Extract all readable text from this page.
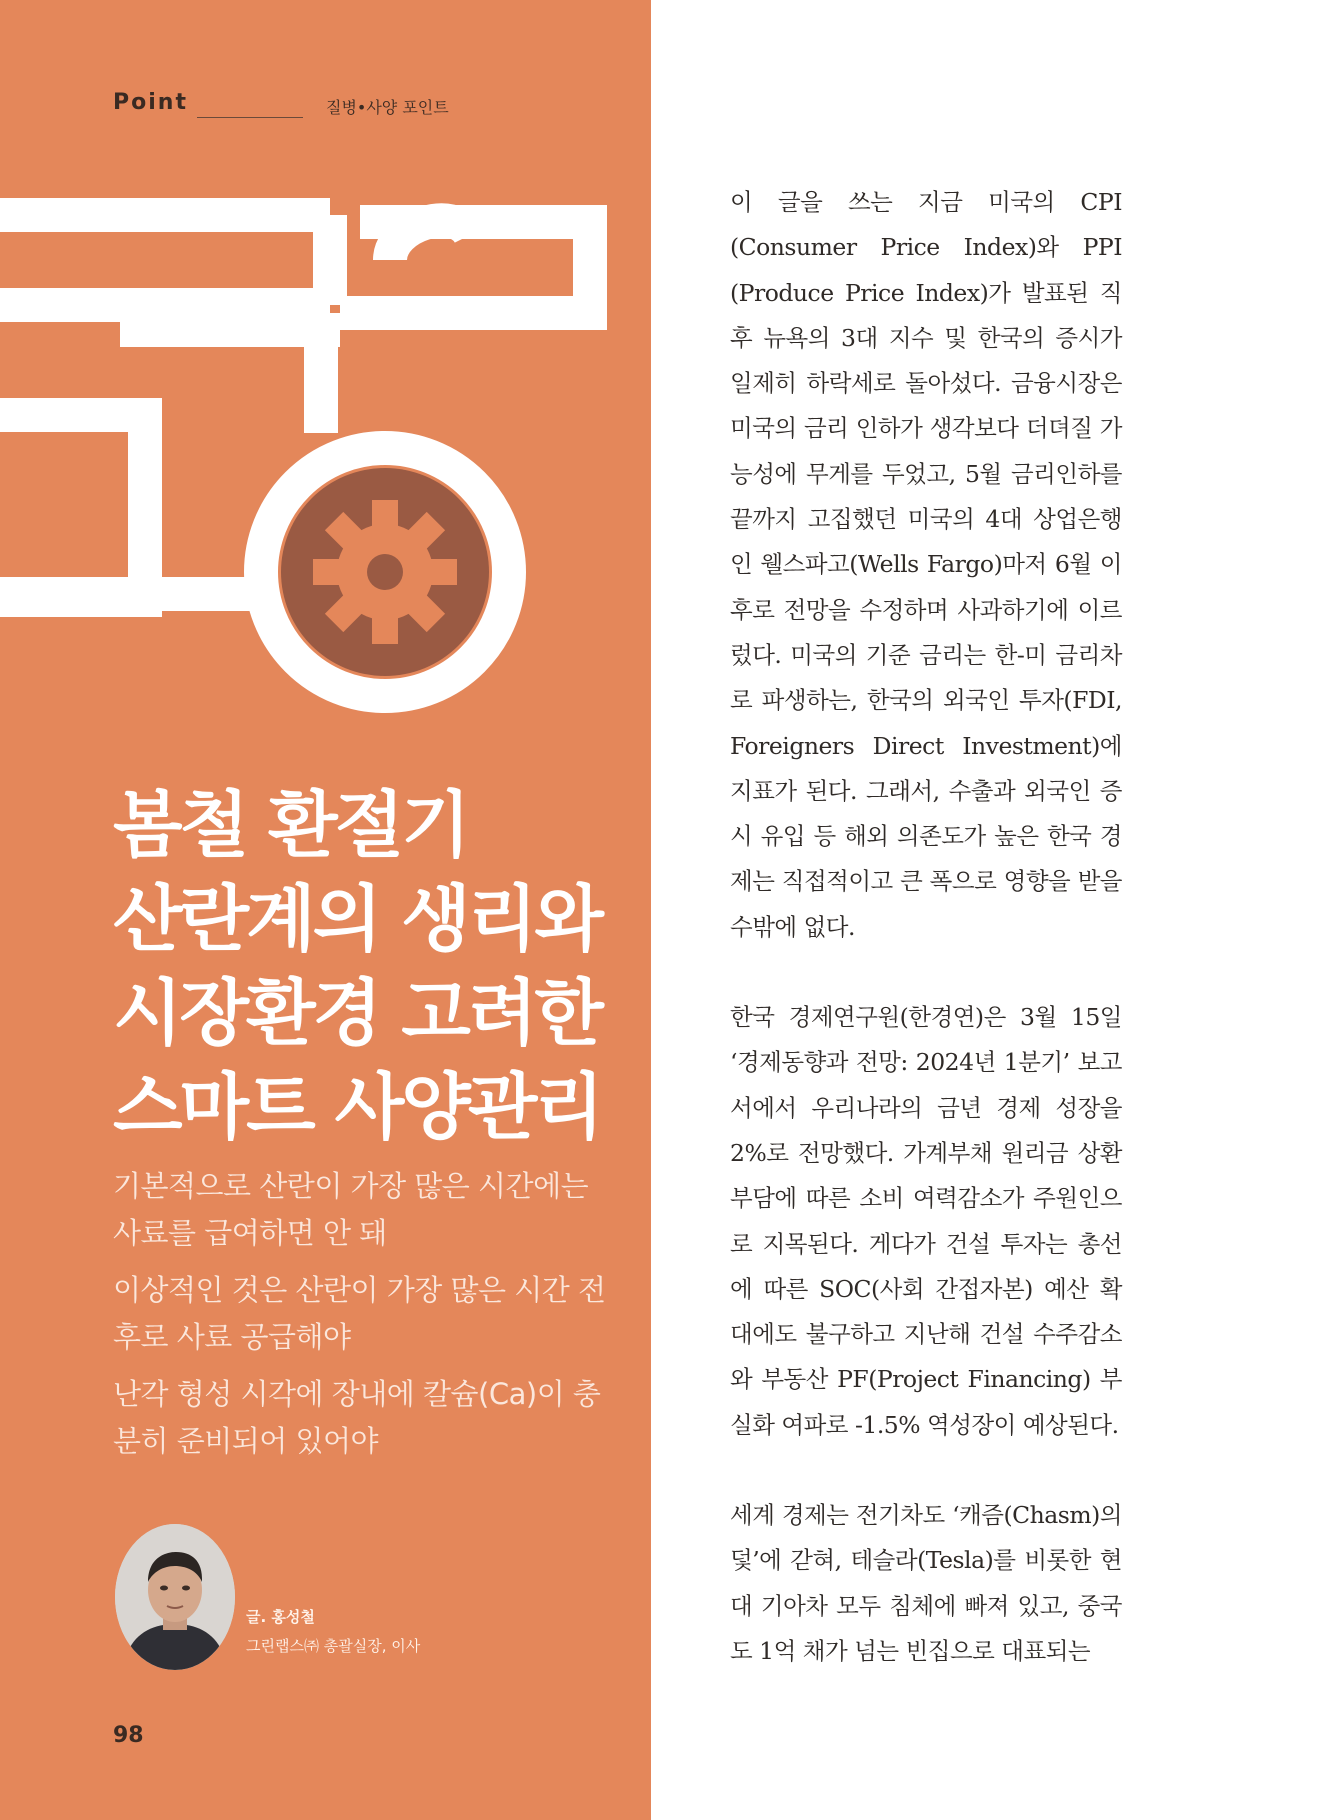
Point	질병•사양 포인트
봄철 환절기
산란계의 생리와
시장환경 고려한
스마트 사양관리

기본적으로 산란이 가장 많은 시간에는 사료를 급여하면 안 돼

이상적인 것은 산란이 가장 많은 시간 전후로 사료 공급해야

난각 형성 시각에 장내에 칼슘(Ca)이 충분히 준비되어 있어야

글. 홍성철
그린랩스㈜ 총괄실장, 이사
98

이 글을 쓰는 지금 미국의 CPI (Consumer Price Index)와 PPI (Produce Price Index)가 발표된 직후 뉴욕의 3대 지수 및 한국의 증시가 일제히 하락세로 돌아섰다. 금융시장은 미국의 금리 인하가 생각보다 더뎌질 가능성에 무게를 두었고, 5월 금리인하를 끝까지 고집했던 미국의 4대 상업은행인 웰스파고(Wells Fargo)마저 6월 이후로 전망을 수정하며 사과하기에 이르렀다. 미국의 기준 금리는 한-미 금리차로 파생하는, 한국의 외국인 투자(FDI, Foreigners Direct Investment)에 지표가 된다. 그래서, 수출과 외국인 증시 유입 등 해외 의존도가 높은 한국 경제는 직접적이고 큰 폭으로 영향을 받을 수밖에 없다.

한국 경제연구원(한경연)은 3월 15일 ‘경제동향과 전망: 2024년 1분기’ 보고서에서 우리나라의 금년 경제 성장을 2%로 전망했다. 가계부채 원리금 상환 부담에 따른 소비 여력감소가 주원인으로 지목된다. 게다가 건설 투자는 총선에 따른 SOC(사회 간접자본) 예산 확대에도 불구하고 지난해 건설 수주감소와 부동산 PF(Project Financing) 부실화 여파로 -1.5% 역성장이 예상된다.

세계 경제는 전기차도 ‘캐즘(Chasm)의 덫’에 갇혀, 테슬라(Tesla)를 비롯한 현대 기아차 모두 침체에 빠져 있고, 중국도 1억 채가 넘는 빈집으로 대표되는
